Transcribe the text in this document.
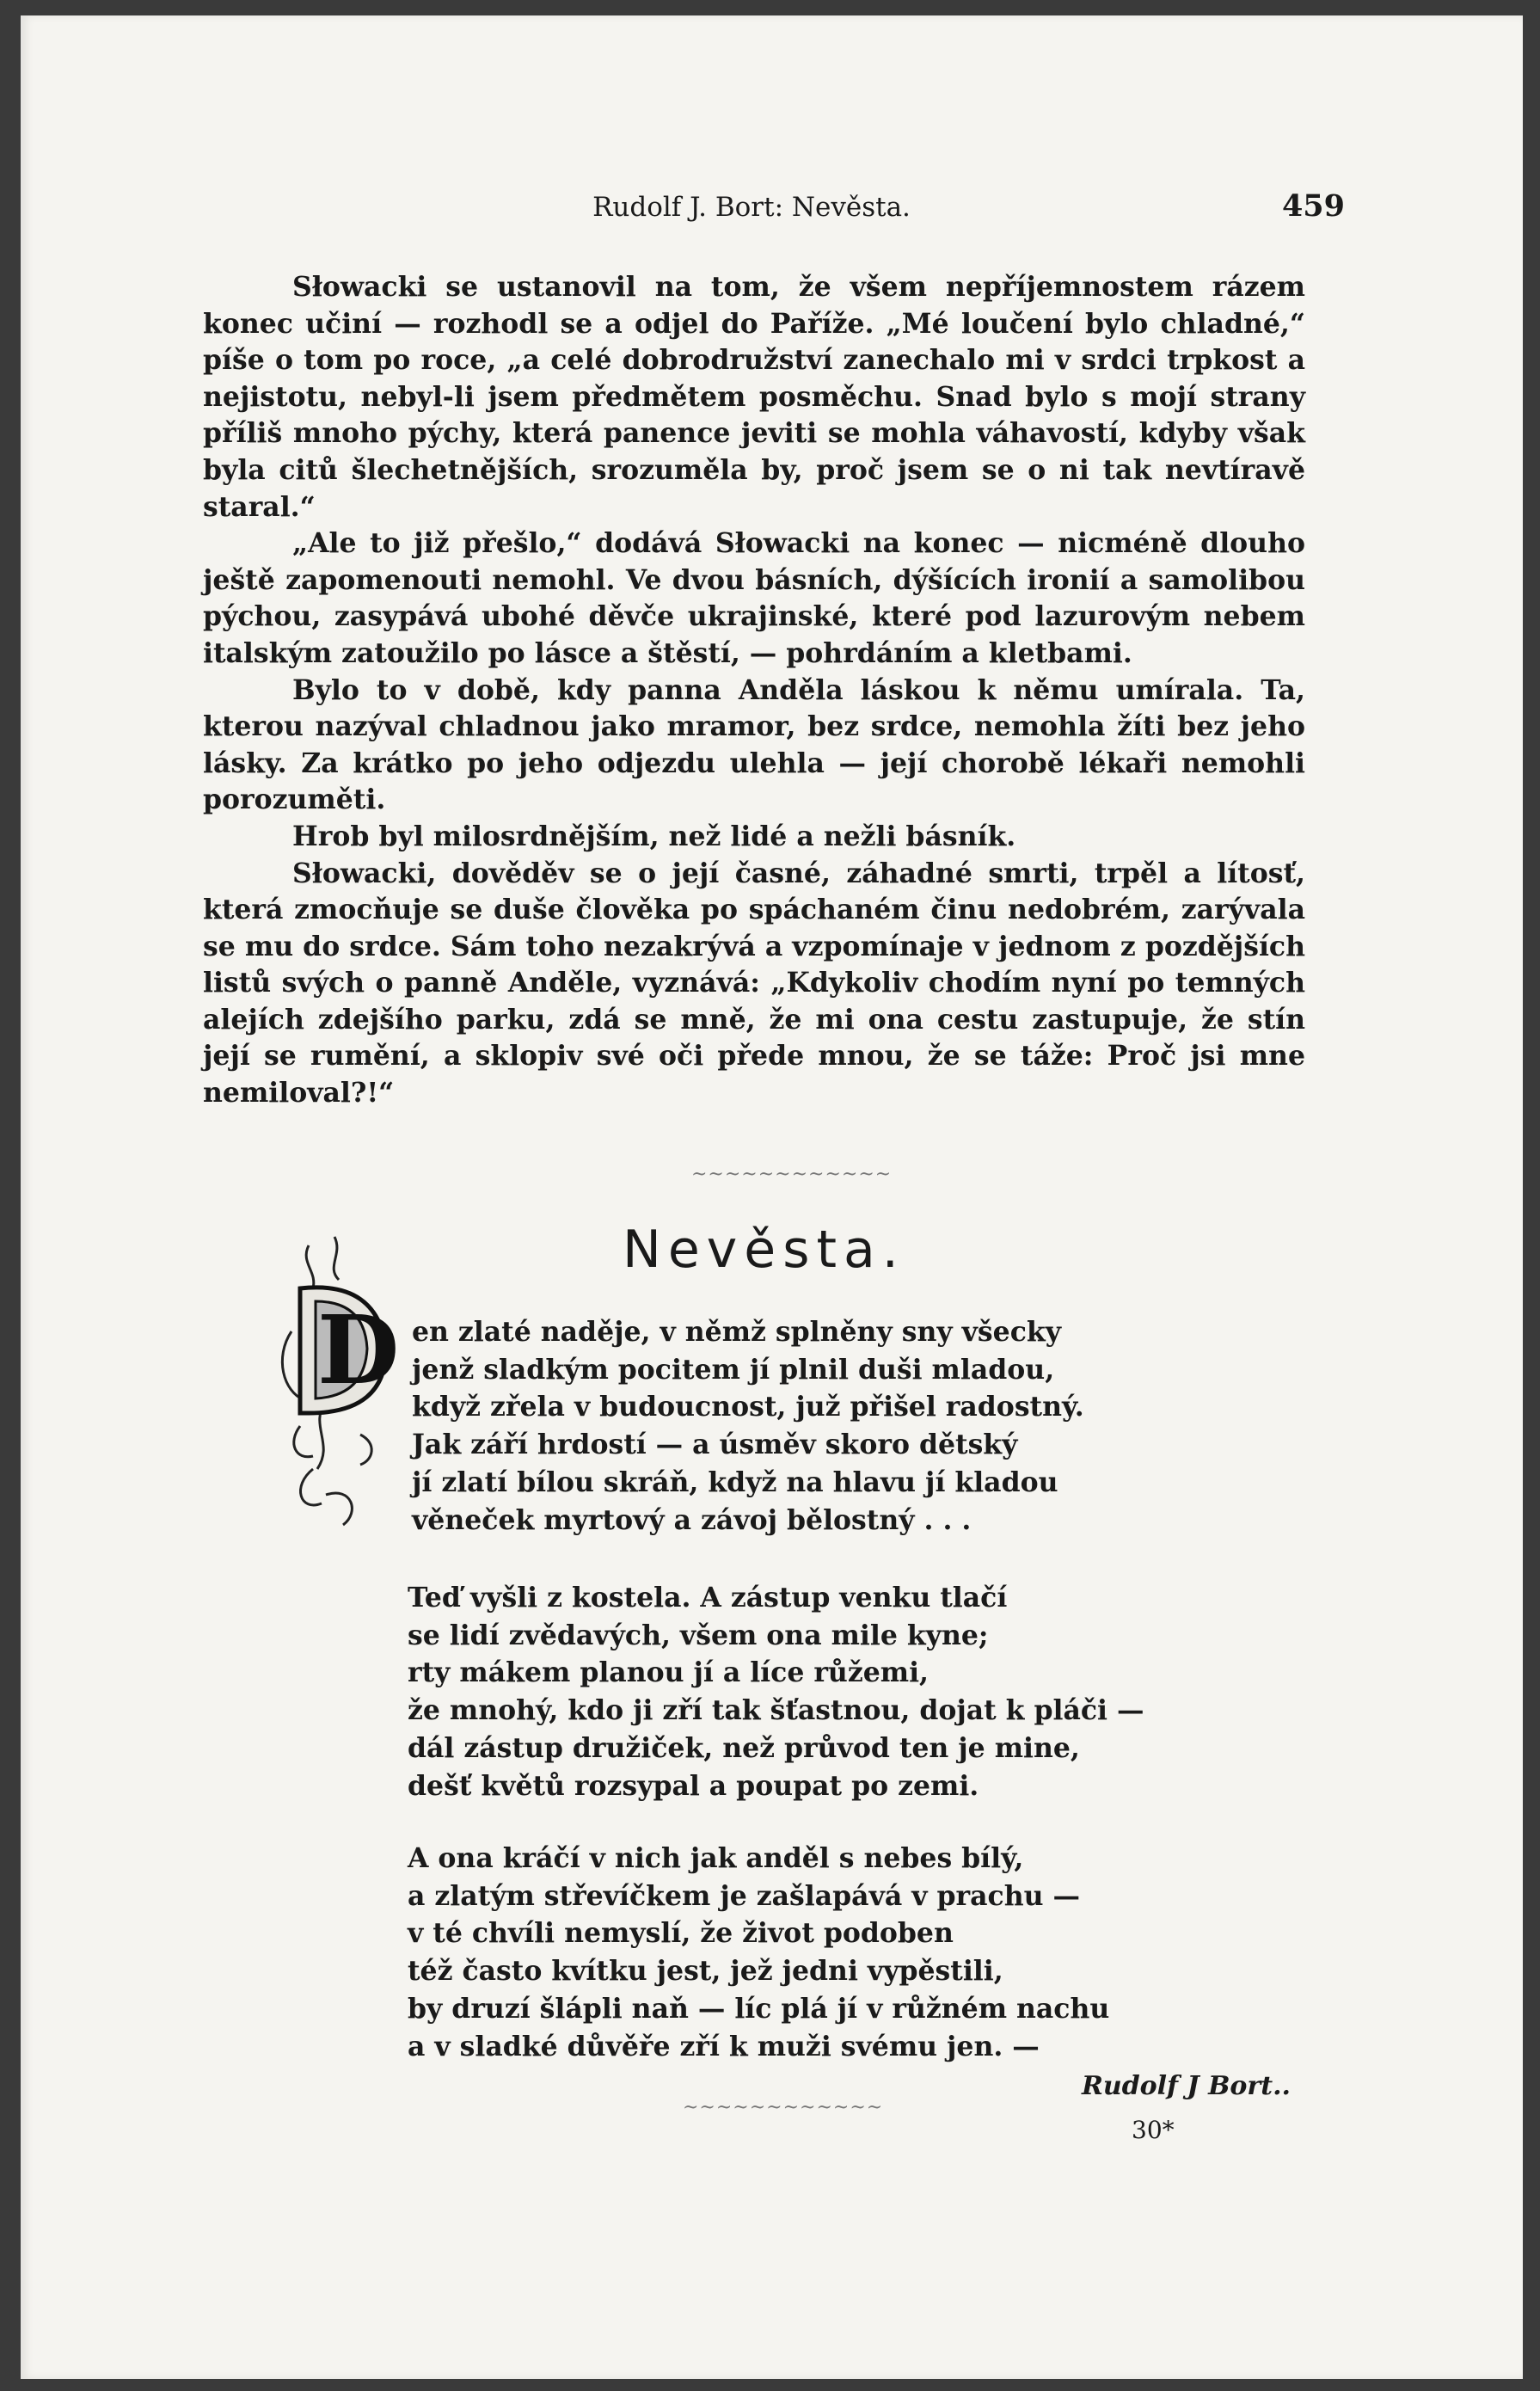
Rudolf J. Bort: Nevěsta.	459

Słowacki se ustanovil na tom, že všem nepříjemnostem rázem konec učiní — rozhodl se a odjel do Paříže. „Mé loučení bylo chladné,“ píše o tom po roce, „a celé dobrodružství zanechalo mi v srdci trpkost a nejistotu, nebyl-li jsem předmětem posměchu. Snad bylo s mojí strany příliš mnoho pýchy, která panence jeviti se mohla váhavostí, kdyby však byla citů šlechetnějších, srozuměla by, proč jsem se o ni tak nevtíravě staral.“

„Ale to již přešlo,“ dodává Słowacki na konec — nicméně dlouho ještě zapomenouti nemohl. Ve dvou básních, dýšících ironií a samolibou pýchou, zasypává ubohé děvče ukrajinské, které pod lazurovým nebem italským zatoužilo po lásce a štěstí, — pohrdáním a kletbami.

Bylo to v době, kdy panna Anděla láskou k němu umírala. Ta, kterou nazýval chladnou jako mramor, bez srdce, nemohla žíti bez jeho lásky. Za krátko po jeho odjezdu ulehla — její chorobě lékaři nemohli porozuměti.

Hrob byl milosrdnějším, než lidé a nežli básník.

Słowacki, dověděv se o její časné, záhadné smrti, trpěl a lítosť, která zmocňuje se duše člověka po spáchaném činu nedobrém, zarývala se mu do srdce. Sám toho nezakrývá a vzpomínaje v jednom z pozdějších listů svých o panně Anděle, vyznává: „Kdykoliv chodím nyní po temných alejích zdejšího parku, zdá se mně, že mi ona cestu zastupuje, že stín její se rumění, a sklopiv své oči přede mnou, že se táže: Proč jsi mne nemiloval?!“

~~~~~~~~~~~~
Nevěsta.
D en zlaté naděje, v němž splněny sny všecky
jenž sladkým pocitem jí plnil duši mladou,
když zřela v budoucnost, juž přišel radostný.
Jak září hrdostí — a úsměv skoro dětský
jí zlatí bílou skráň, když na hlavu jí kladou
věneček myrtový a závoj bělostný . . .
Teď vyšli z kostela. A zástup venku tlačí
se lidí zvědavých, všem ona mile kyne;
rty mákem planou jí a líce růžemi,
že mnohý, kdo ji zří tak šťastnou, dojat k pláči —
dál zástup družiček, než průvod ten je mine,
dešť květů rozsypal a poupat po zemi.
A ona kráčí v nich jak anděl s nebes bílý,
a zlatým střevíčkem je zašlapává v prachu —
v té chvíli nemyslí, že život podoben
též často kvítku jest, jež jedni vypěstili,
by druzí šlápli naň — líc plá jí v růžném nachu
a v sladké důvěře zří k muži svému jen. —
Rudolf J Bort..
~~~~~~~~~~~~
30*
